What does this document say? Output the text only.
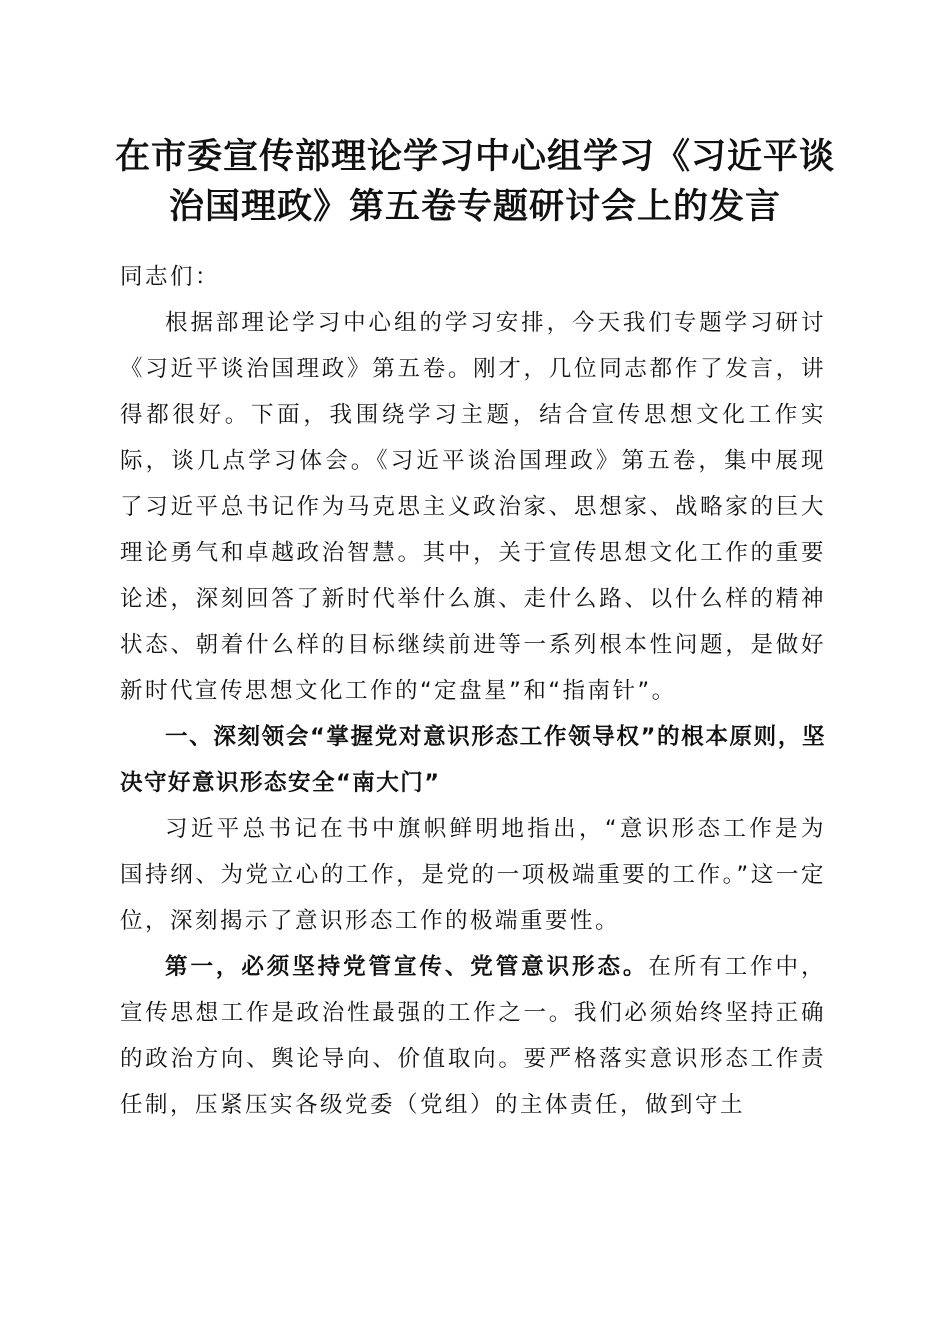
在市委宣传部理论学习中心组学习《习近平谈
治国理政》第五卷专题研讨会上的发言

同志们：

根据部理论学习中心组的学习安排，今天我们专题学习研讨《习近平谈治国理政》第五卷。刚才，几位同志都作了发言，讲得都很好。下面，我围绕学习主题，结合宣传思想文化工作实际，谈几点学习体会。《习近平谈治国理政》第五卷，集中展现了习近平总书记作为马克思主义政治家、思想家、战略家的巨大理论勇气和卓越政治智慧。其中，关于宣传思想文化工作的重要论述，深刻回答了新时代举什么旗、走什么路、以什么样的精神状态、朝着什么样的目标继续前进等一系列根本性问题，是做好新时代宣传思想文化工作的“定盘星”和“指南针”。

一、深刻领会“掌握党对意识形态工作领导权”的根本原则，坚决守好意识形态安全“南大门”

习近平总书记在书中旗帜鲜明地指出，“意识形态工作是为国持纲、为党立心的工作，是党的一项极端重要的工作。”这一定位，深刻揭示了意识形态工作的极端重要性。

第一，必须坚持党管宣传、党管意识形态。在所有工作中，宣传思想工作是政治性最强的工作之一。我们必须始终坚持正确的政治方向、舆论导向、价值取向。要严格落实意识形态工作责任制，压紧压实各级党委（党组）的主体责任，做到守土
